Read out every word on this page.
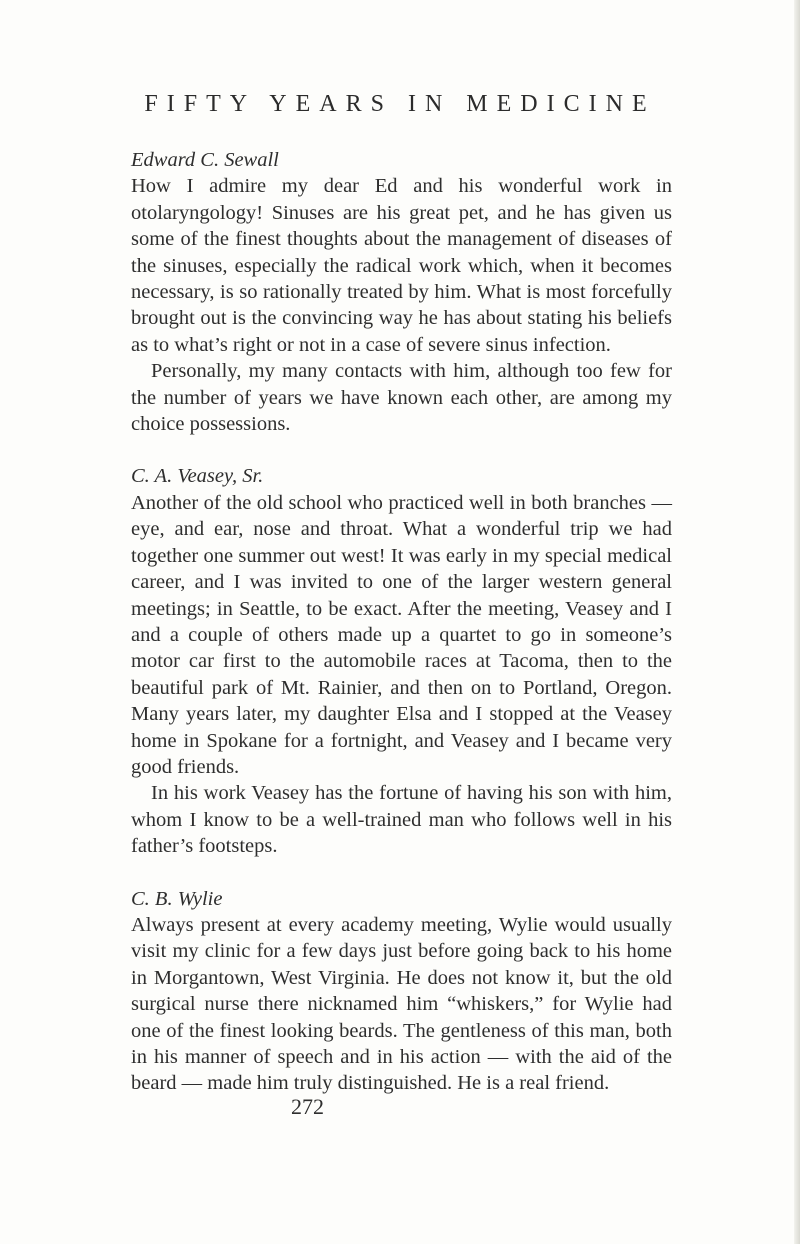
FIFTY YEARS IN MEDICINE

Edward C. Sewall

How I admire my dear Ed and his wonderful work in otolaryngology! Sinuses are his great pet, and he has given us some of the finest thoughts about the management of diseases of the sinuses, especially the radical work which, when it becomes necessary, is so rationally treated by him. What is most forcefully brought out is the convincing way he has about stating his beliefs as to what’s right or not in a case of severe sinus infection.

Personally, my many contacts with him, although too few for the number of years we have known each other, are among my choice possessions.

C. A. Veasey, Sr.

Another of the old school who practiced well in both branches — eye, and ear, nose and throat. What a wonderful trip we had together one summer out west! It was early in my special medical career, and I was invited to one of the larger western general meetings; in Seattle, to be exact. After the meeting, Veasey and I and a couple of others made up a quartet to go in someone’s motor car first to the automobile races at Tacoma, then to the beautiful park of Mt. Rainier, and then on to Portland, Oregon. Many years later, my daughter Elsa and I stopped at the Veasey home in Spokane for a fortnight, and Veasey and I became very good friends.

In his work Veasey has the fortune of having his son with him, whom I know to be a well-trained man who follows well in his father’s footsteps.

C. B. Wylie

Always present at every academy meeting, Wylie would usually visit my clinic for a few days just before going back to his home in Morgantown, West Virginia. He does not know it, but the old surgical nurse there nicknamed him “whiskers,” for Wylie had one of the finest looking beards. The gentleness of this man, both in his manner of speech and in his action — with the aid of the beard — made him truly distinguished. He is a real friend.

272
